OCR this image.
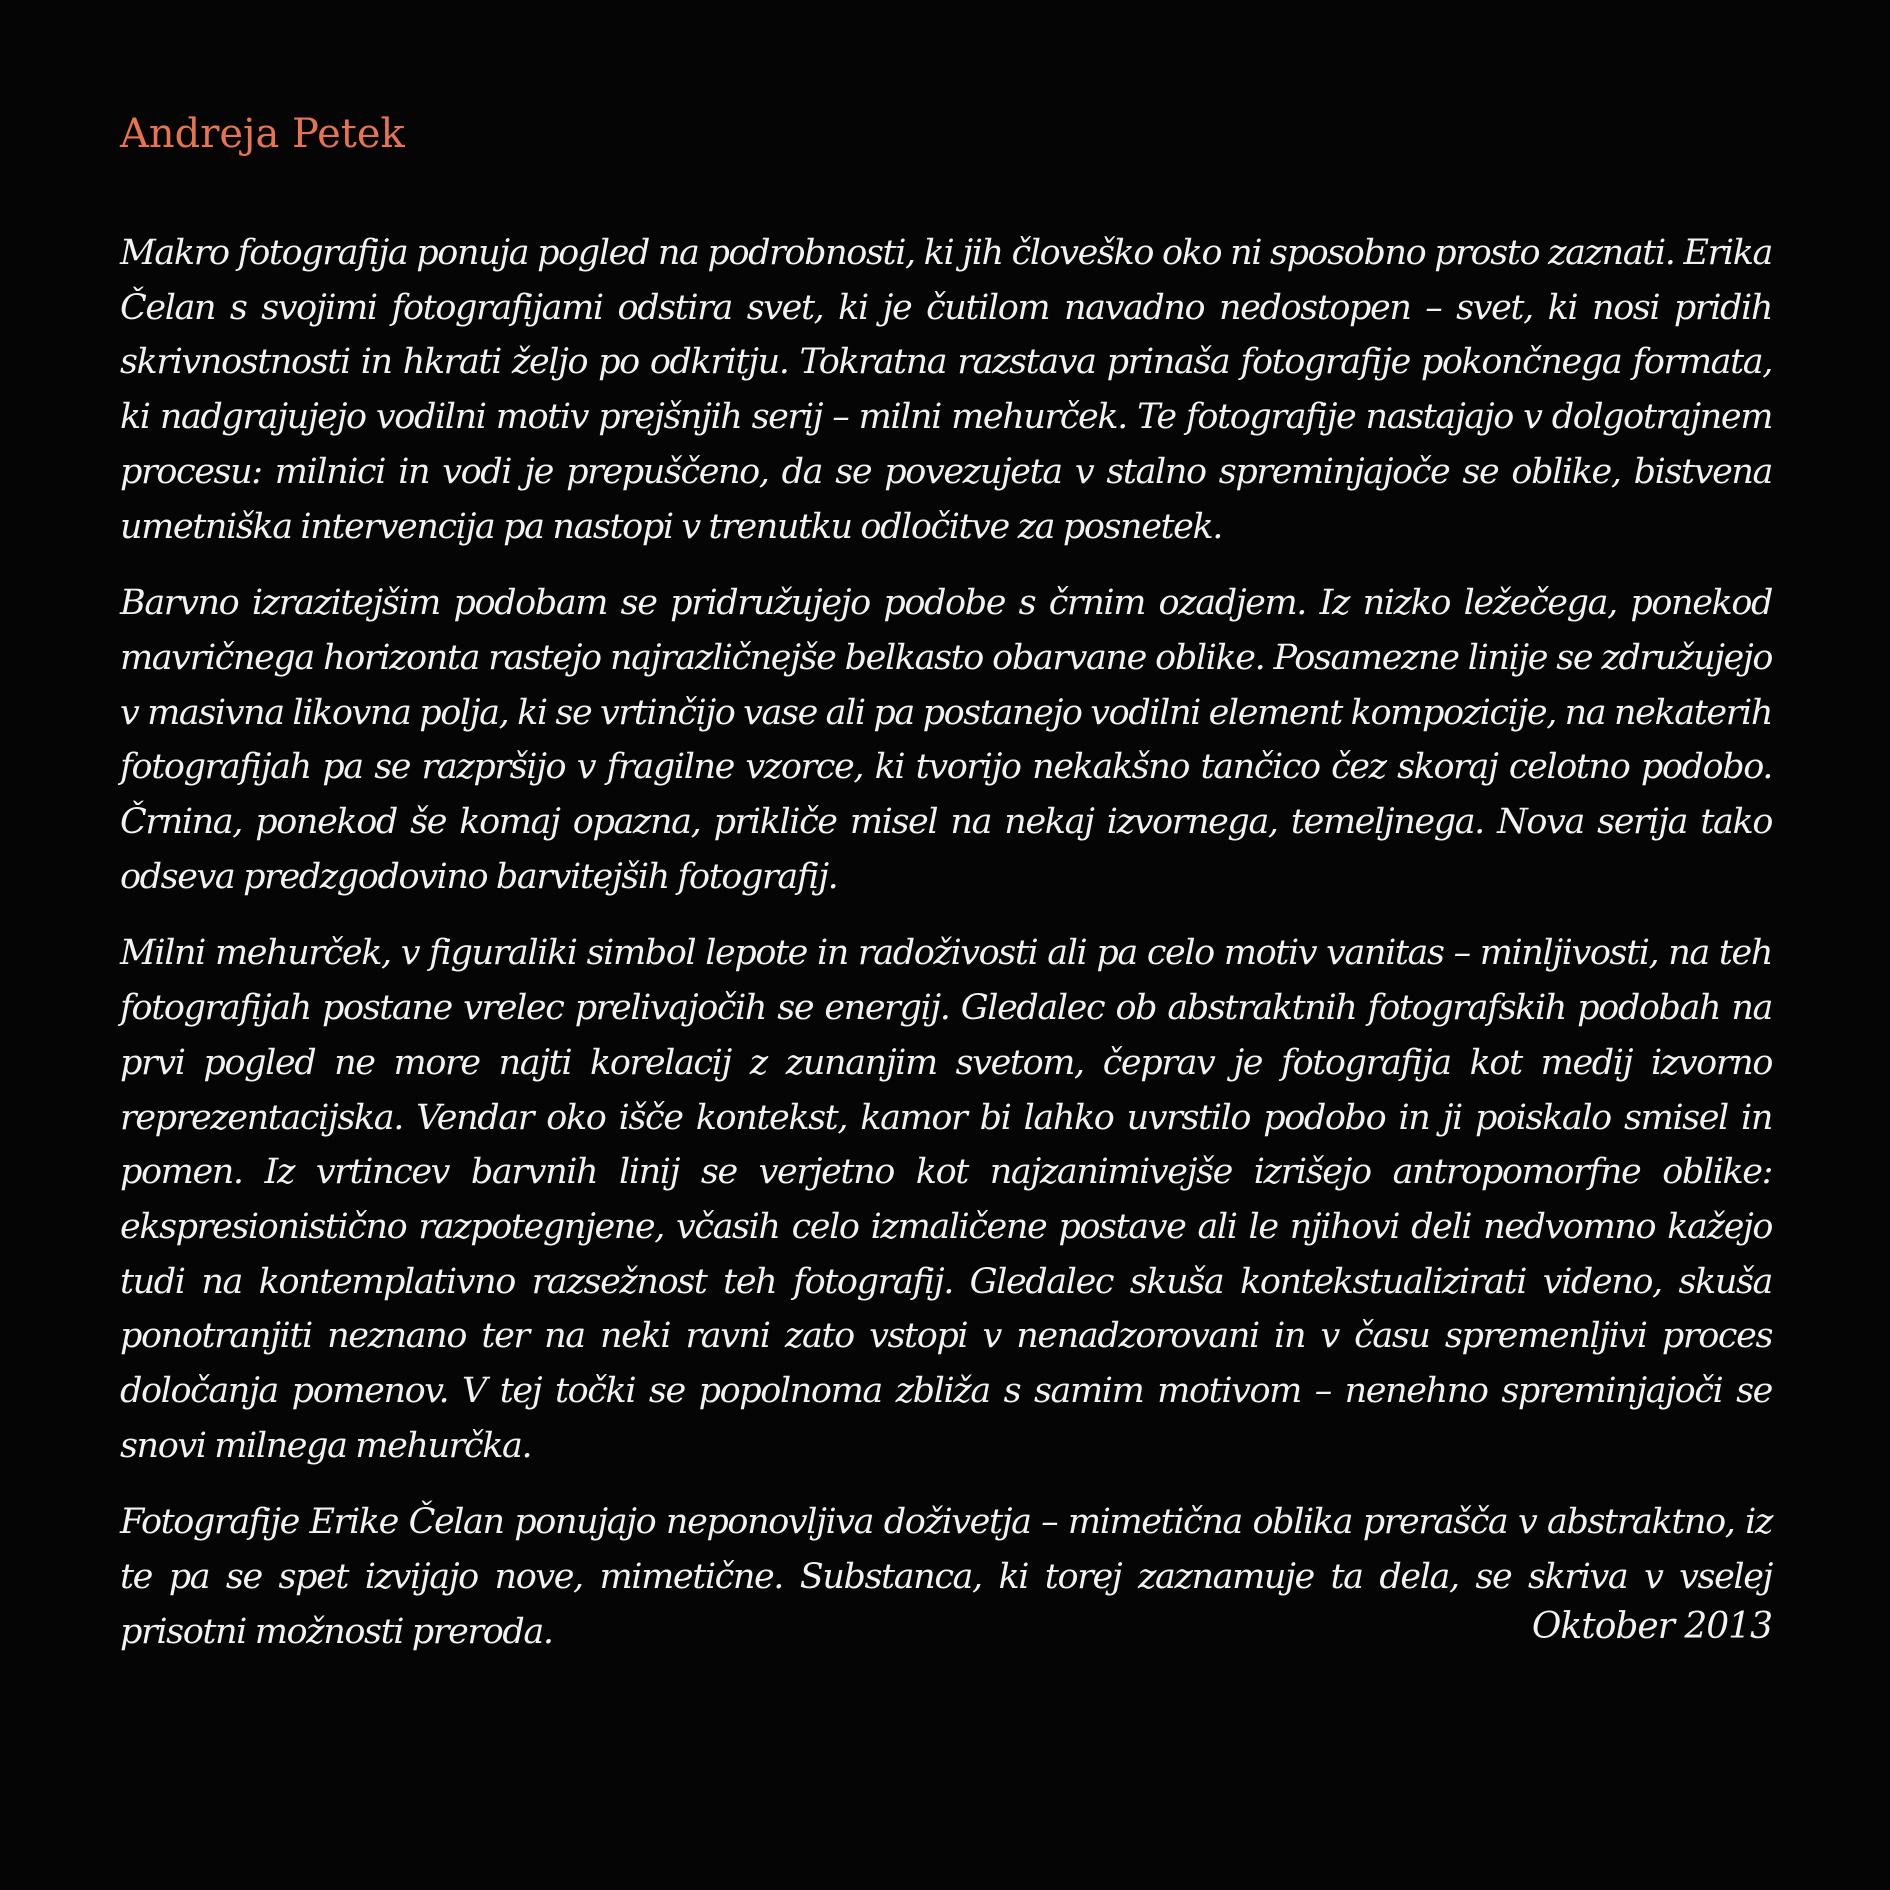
Andreja Petek

Makro fotografija ponuja pogled na podrobnosti, ki jih človeško oko ni sposobno prosto zaznati. Erika Čelan s svojimi fotografijami odstira svet, ki je čutilom navadno nedostopen – svet, ki nosi pridih skrivnostnosti in hkrati željo po odkritju. Tokratna razstava prinaša fotografije pokončnega formata, ki nadgrajujejo vodilni motiv prejšnjih serij – milni mehurček. Te fotografije nastajajo v dolgotrajnem procesu: milnici in vodi je prepuščeno, da se povezujeta v stalno spreminjajoče se oblike, bistvena umetniška intervencija pa nastopi v trenutku odločitve za posnetek.

Barvno izrazitejšim podobam se pridružujejo podobe s črnim ozadjem. Iz nizko ležečega, ponekod mavričnega horizonta rastejo najrazličnejše belkasto obarvane oblike. Posamezne linije se združujejo v masivna likovna polja, ki se vrtinčijo vase ali pa postanejo vodilni element kompozicije, na nekaterih fotografijah pa se razpršijo v fragilne vzorce, ki tvorijo nekakšno tančico čez skoraj celotno podobo. Črnina, ponekod še komaj opazna, prikliče misel na nekaj izvornega, temeljnega. Nova serija tako odseva predzgodovino barvitejših fotografij.

Milni mehurček, v figuraliki simbol lepote in radoživosti ali pa celo motiv vanitas – minljivosti, na teh fotografijah postane vrelec prelivajočih se energij. Gledalec ob abstraktnih fotografskih podobah na prvi pogled ne more najti korelacij z zunanjim svetom, čeprav je fotografija kot medij izvorno reprezentacijska. Vendar oko išče kontekst, kamor bi lahko uvrstilo podobo in ji poiskalo smisel in pomen. Iz vrtincev barvnih linij se verjetno kot najzanimivejše izrišejo antropomorfne oblike: ekspresionistično razpotegnjene, včasih celo izmaličene postave ali le njihovi deli nedvomno kažejo tudi na kontemplativno razsežnost teh fotografij. Gledalec skuša kontekstualizirati videno, skuša ponotranjiti neznano ter na neki ravni zato vstopi v nenadzorovani in v času spremenljivi proces določanja pomenov. V tej točki se popolnoma zbliža s samim motivom – nenehno spreminjajoči se snovi milnega mehurčka.

Fotografije Erike Čelan ponujajo neponovljiva doživetja – mimetična oblika prerašča v abstraktno, iz te pa se spet izvijajo nove, mimetične. Substanca, ki torej zaznamuje ta dela, se skriva v vselej prisotni možnosti preroda.	Oktober 2013
